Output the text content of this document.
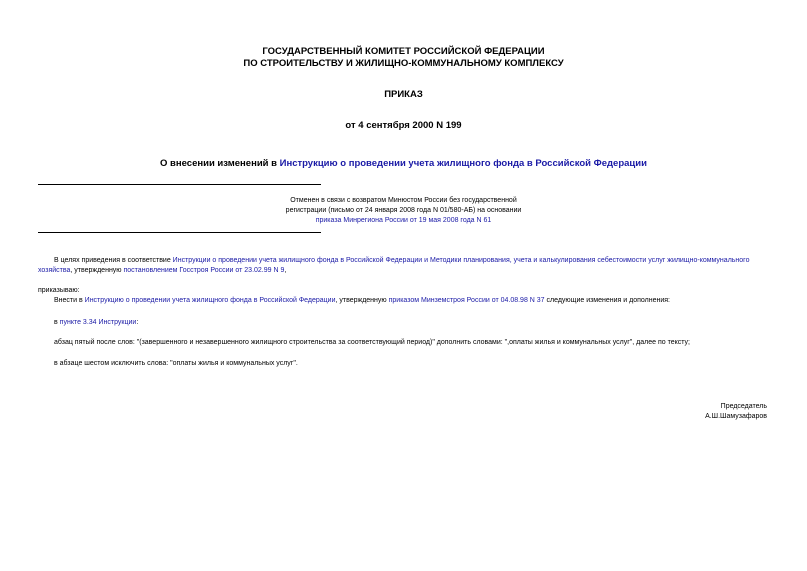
ГОСУДАРСТВЕННЫЙ КОМИТЕТ РОССИЙСКОЙ ФЕДЕРАЦИИ
ПО СТРОИТЕЛЬСТВУ И ЖИЛИЩНО-КОММУНАЛЬНОМУ КОМПЛЕКСУ
ПРИКАЗ
от 4 сентября 2000 N 199
О внесении изменений в Инструкцию о проведении учета жилищного фонда в Российской Федерации
Отменен в связи с возвратом Минюстом России без государственной
регистрации (письмо от 24 января 2008 года N 01/580-АБ) на основании
приказа Минрегиона России от 19 мая 2008 года N 61
В целях приведения в соответствие Инструкции о проведении учета жилищного фонда в Российской Федерации и Методики планирования, учета и калькулирования себестоимости услуг жилищно-коммунального хозяйства, утвержденную постановлением Госстроя России от 23.02.99 N 9,
приказываю:
Внести в Инструкцию о проведении учета жилищного фонда в Российской Федерации, утвержденную приказом Минземстроя России от 04.08.98 N 37 следующие изменения и дополнения:
в пункте 3.34 Инструкции:
абзац пятый после слов: "(завершенного и незавершенного жилищного строительства за соответствующий период)" дополнить словами: ",оплаты жилья и коммунальных услуг", далее по тексту;
в абзаце шестом исключить слова: "оплаты жилья и коммунальных услуг".
Председатель
А.Ш.Шамузафаров
